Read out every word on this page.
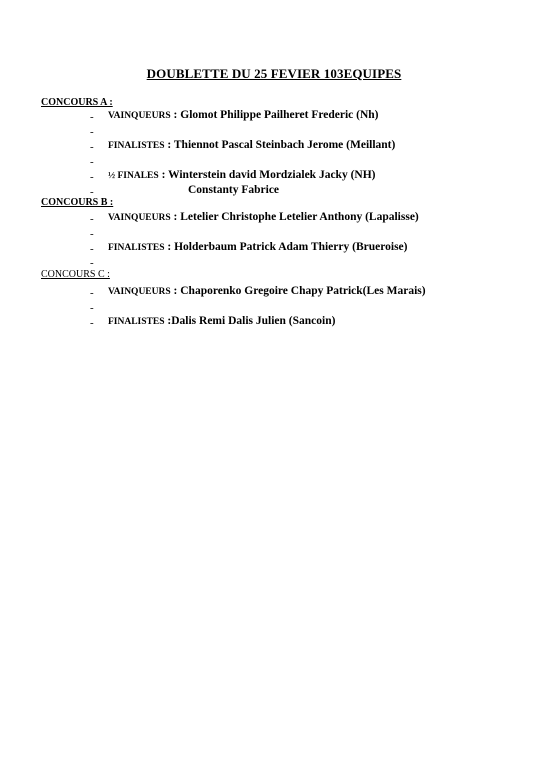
DOUBLETTE DU 25 FEVIER 103EQUIPES
CONCOURS A :
- VAINQUEURS : Glomot Philippe Pailheret Frederic (Nh)
-
- FINALISTES : Thiennot Pascal Steinbach Jerome (Meillant)
-
- ½ FINALES : Winterstein david Mordzialek Jacky (NH)
-	Constanty Fabrice
CONCOURS B :
- VAINQUEURS : Letelier Christophe Letelier Anthony (Lapalisse)
-
- FINALISTES : Holderbaum Patrick Adam Thierry (Brueroise)
-
CONCOURS C :
- VAINQUEURS : Chaporenko Gregoire Chapy Patrick(Les Marais)
-
- FINALISTES :Dalis Remi Dalis Julien (Sancoin)
